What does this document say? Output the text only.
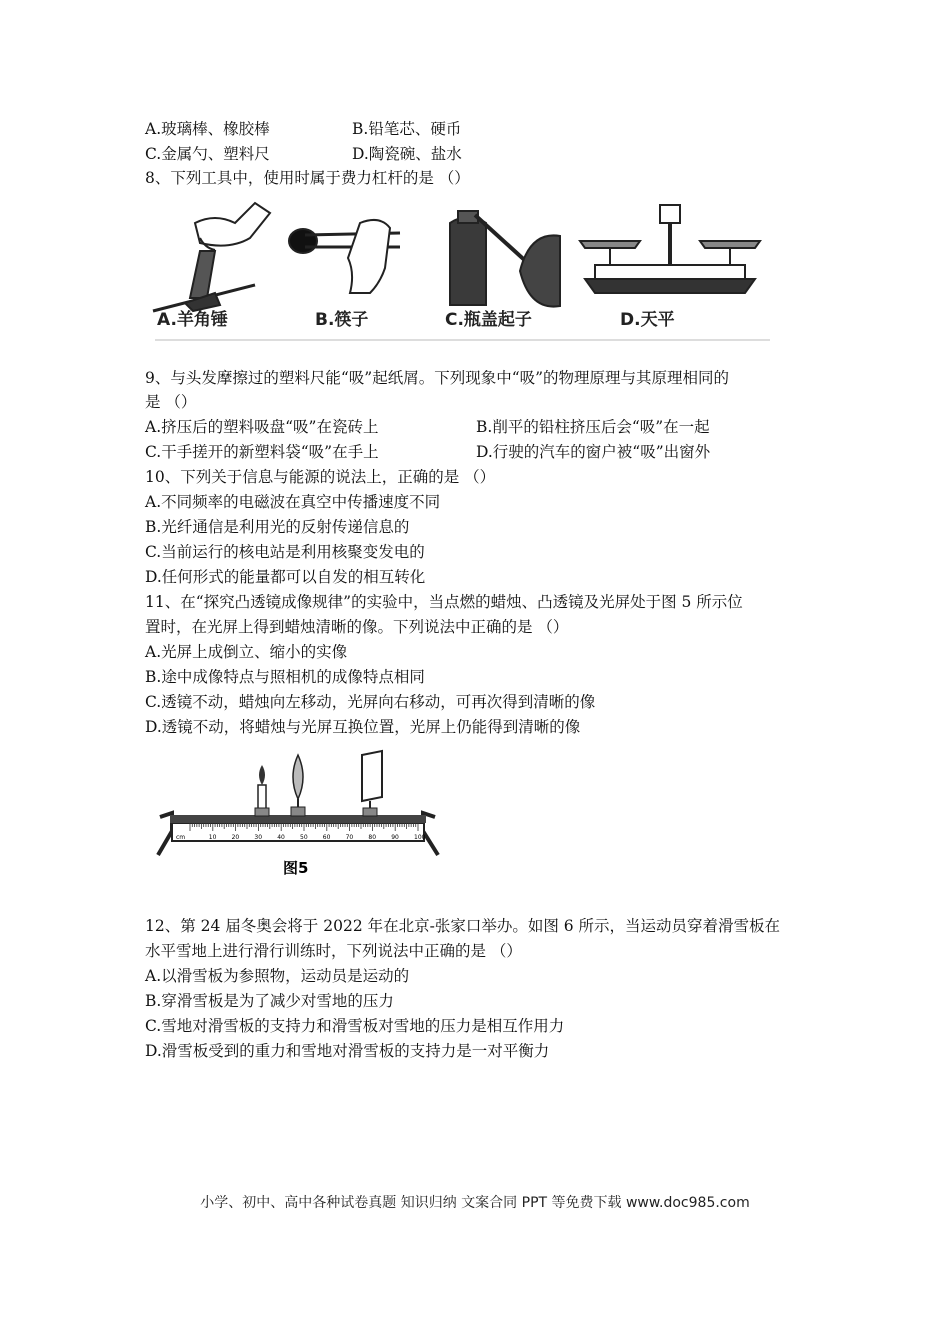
A.玻璃棒、橡胶棒	B.铅笔芯、硬币
C.金属勺、塑料尺	D.陶瓷碗、盐水
8、下列工具中，使用时属于费力杠杆的是 （）
A.羊角锤	B.筷子	C.瓶盖起子	D.天平
9、与头发摩擦过的塑料尺能“吸”起纸屑。下列现象中“吸”的物理原理与其原理相同的
是 （）
A.挤压后的塑料吸盘“吸”在瓷砖上	B.削平的铅柱挤压后会“吸”在一起
C.干手搓开的新塑料袋“吸”在手上	D.行驶的汽车的窗户被“吸”出窗外
10、下列关于信息与能源的说法上，正确的是 （）
A.不同频率的电磁波在真空中传播速度不同
B.光纤通信是利用光的反射传递信息的
C.当前运行的核电站是利用核聚变发电的
D.任何形式的能量都可以自发的相互转化
11、在“探究凸透镜成像规律”的实验中，当点燃的蜡烛、凸透镜及光屏处于图 5 所示位
置时，在光屏上得到蜡烛清晰的像。下列说法中正确的是 （）
A.光屏上成倒立、缩小的实像
B.途中成像特点与照相机的成像特点相同
C.透镜不动，蜡烛向左移动，光屏向右移动，可再次得到清晰的像
D.透镜不动，将蜡烛与光屏互换位置，光屏上仍能得到清晰的像
cm
图5
10	20	30	40	50	60	70	80	90	100
12、第 24 届冬奥会将于 2022 年在北京-张家口举办。如图 6 所示，当运动员穿着滑雪板在
水平雪地上进行滑行训练时，下列说法中正确的是 （）
A.以滑雪板为参照物，运动员是运动的
B.穿滑雪板是为了减少对雪地的压力
C.雪地对滑雪板的支持力和滑雪板对雪地的压力是相互作用力
D.滑雪板受到的重力和雪地对滑雪板的支持力是一对平衡力
小学、初中、高中各种试卷真题 知识归纳 文案合同 PPT 等免费下载 www.doc985.com
